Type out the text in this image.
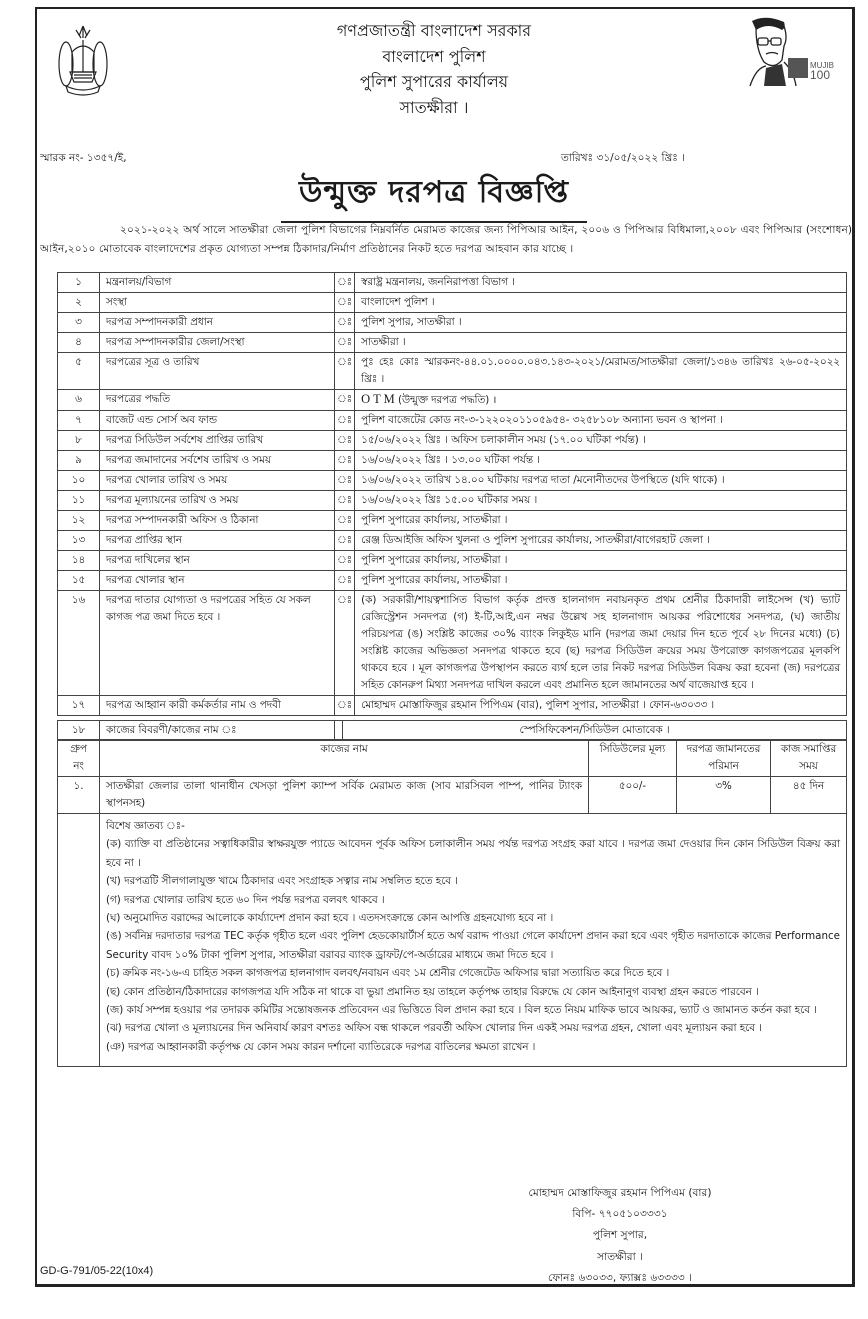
MUJIB
100
গণপ্রজাতন্ত্রী বাংলাদেশ সরকার
বাংলাদেশ পুলিশ
পুলিশ সুপারের কার্যালয়
সাতক্ষীরা ।
স্মারক নং- ১৩৫৭/ই,	তারিখঃ ৩১/০৫/২০২২ খ্রিঃ ।
উন্মুক্ত দরপত্র বিজ্ঞপ্তি
২০২১-২০২২ অর্থ সালে সাতক্ষীরা জেলা পুলিশ বিভাগের নিম্নবর্নিত মেরামত কাজের জন্য পিপিআর আইন, ২০০৬ ও পিপিআর বিধিমালা,২০০৮ এবং পিপিআর (সংশোধন) আইন,২০১০ মোতাবেক বাংলাদেশের প্রকৃত যোগ্যতা সম্পন্ন ঠিকাদার/নির্মাণ প্রতিষ্ঠানের নিকট হতে দরপত্র আহবান কার যাচ্ছে ।
১	মন্ত্রনালয়/বিভাগ	ঃ	স্বরাষ্ট্র মন্ত্রনালয়, জননিরাপত্তা বিভাগ ।
২	সংস্থা	ঃ	বাংলাদেশ পুলিশ ।
৩	দরপত্র সম্পাদনকারী প্রধান	ঃ	পুলিশ সুপার, সাতক্ষীরা ।
৪	দরপত্র সম্পাদনকারীর জেলা/সংস্থা	ঃ	সাতক্ষীরা ।
৫	দরপত্রের সূত্র ও তারিখ	ঃ	পুঃ হেঃ কোঃ স্মারকনং-৪৪.০১.০০০০.০৪৩.১৪৩-২০২১/মেরামত/সাতক্ষীরা জেলা/১৩৪৬ তারিখঃ ২৬-০৫-২০২২ খ্রিঃ ।
৬	দরপত্রের পদ্ধতি	ঃ	O T M (উন্মুক্ত দরপত্র পদ্ধতি) ।
৭	বাজেট এন্ড সোর্স অব ফান্ড	ঃ	পুলিশ বাজেটের কোড নং-৩-১২২০২০১১০৫৯৫৪- ৩২৫৮১০৮ অন্যান্য ভবন ও স্থাপনা ।
৮	দরপত্র সিডিউল সর্বশেষ প্রাপ্তির তারিখ	ঃ	১৫/০৬/২০২২ খ্রিঃ । অফিস চলাকালীন সময় (১৭.০০ ঘটিকা পর্যন্ত) ।
৯	দরপত্র জমাদানের সর্বশেষ তারিখ ও সময়	ঃ	১৬/০৬/২০২২ খ্রিঃ । ১৩.০০ ঘটিকা পর্যন্ত ।
১০	দরপত্র খোলার তারিখ ও সময়	ঃ	১৬/০৬/২০২২ তারিখ ১৪.০০ ঘটিকায় দরপত্র দাতা /মনোনীতদের উপস্থিতে (যদি থাকে) ।
১১	দরপত্র মূল্যায়নের তারিখ ও সময়	ঃ	১৬/০৬/২০২২ খ্রিঃ ১৫.০০ ঘটিকার সময় ।
১২	দরপত্র সম্পাদনকারী অফিস ও ঠিকানা	ঃ	পুলিশ সুপারের কার্যালয়, সাতক্ষীরা ।
১৩	দরপত্র প্রাপ্তির স্থান	ঃ	রেঞ্জ ডিআইজি অফিস খুলনা ও পুলিশ সুপারের কার্যালয়, সাতক্ষীরা/বাগেরহাট জেলা ।
১৪	দরপত্র দাখিলের স্থান	ঃ	পুলিশ সুপারের কার্যালয়, সাতক্ষীরা ।
১৫	দরপত্র খোলার স্থান	ঃ	পুলিশ সুপারের কার্যালয়, সাতক্ষীরা ।
১৬	দরপত্র দাতার যোগ্যতা ও দরপত্রের সহিত যে সকল কাগজ পত্র জমা দিতে হবে ।	ঃ	(ক) সরকারী/শায়ত্বশাসিত বিভাগ কর্তৃক প্রদত্ত হালনাগদ নবায়নকৃত প্রথম শ্রেনীর ঠিকাদারী লাইসেন্স (খ) ভ্যাট রেজিস্ট্রেশন সনদপত্র (গ) ই-টি,আই,এন নম্বর উল্লেখ সহ হালনাগাদ আয়কর পরিশোধের সনদপত্র, (ঘ) জাতীয় পরিচয়পত্র (ঙ) সংশ্লিষ্ট কাজের ৩০% ব্যাংক লিকুইড মানি (দরপত্র জমা দেয়ার দিন হতে পূর্বে ২৮ দিনের মধ্যে) (চ) সংশ্লিষ্ট কাজের অভিজ্ঞতা সনদপত্র থাকতে হবে (ছ) দরপত্র সিডিউল ক্রয়ের সময় উপরোক্ত কাগজপত্রের মূলকপি থাকবে হবে । মূল কাগজপত্র উপস্থাপন করতে ব্যর্থ হলে তার নিকট দরপত্র সিডিউল বিক্রয় করা হবেনা (জ) দরপত্রের সহিত কোনরুপ মিথ্যা সনদপত্র দাখিল করলে এবং প্রমানিত হলে জামানতের অর্থ বাজেয়াপ্ত হবে ।
১৭	দরপত্র আহ্বান কারী কর্মকর্তার নাম ও পদবী	ঃ	মোহাম্মদ মোস্তাফিজুর রহমান পিপিএম (বার), পুলিশ সুপার, সাতক্ষীরা । ফোন-৬৩০৩৩ ।
১৮	কাজের বিবরণী/কাজের নাম ঃ		স্পেসিফিকেশন/সিডিউল মোতাবেক ।
গ্রুপ নং	কাজের নাম	সিডিউলের মূল্য	দরপত্র জামানতের পরিমান	কাজ সমাপ্তির সময়
১.	সাতক্ষীরা জেলার তালা থানাধীন খেসড়া পুলিশ ক্যাম্প সর্বিক মেরামত কাজ (সাব মারসিবল পাম্প, পানির ট্যাংক স্থাপনসহ)	৫০০/-	৩%	৪৫ দিন

বিশেষ জ্ঞাতব্য ঃ-

(ক) ব্যাক্তি বা প্রতিষ্ঠানের সত্বাধিকারীর স্বাক্ষরযুক্ত প্যাডে আবেদন পূর্বক অফিস চলাকালীন সময় পর্যন্ত দরপত্র সংগ্রহ করা যাবে । দরপত্র জমা দেওয়ার দিন কোন সিডিউল বিক্রয় করা হবে না ।

(খ) দরপত্রটি সীলগালাযুক্ত খামে ঠিকাদার এবং সংগ্রাহক সত্বার নাম সম্বলিত হতে হবে ।

(গ) দরপত্র খোলার তারিখ হতে ৬০ দিন পর্যন্ত দরপত্র বলবৎ থাকবে ।

(ঘ) অনুমোদিত বরাদ্দের আলোকে কার্য্যাদেশ প্রদান করা হবে । এতদসংক্রান্তে কোন আপত্তি গ্রহনযোগ্য হবে না ।

(ঙ) সর্বনিম্ন দরদাতার দরপত্র TEC কর্তৃক গৃহীত হলে এবং পুলিশ হেডকোয়ার্টার্স হতে অর্থ বরাদ্দ পাওয়া গেলে কার্যাদেশ প্রদান করা হবে এবং গৃহীত দরদাতাকে কাজের Performance Security বাবদ ১০% টাকা পুলিশ সুপার, সাতক্ষীরা বরাবর ব্যাংক ড্রাফট/পে-অর্ডারের মাধ্যমে জমা দিতে হবে ।

(চ) ক্রমিক নং-১৬-এ চাহিত সকল কাগজপত্র হালনাগাদ বলবৎ/নবায়ন এবং ১ম শ্রেনীর গেজেটেড অফিসার দ্বারা সত্যায়িত করে দিতে হবে ।

(ছ) কোন প্রতিষ্ঠান/ঠিকাদারের কাগজপত্র যদি সঠিক না থাকে বা ভুয়া প্রমানিত হয় তাহলে কর্তৃপক্ষ তাহার বিরুদ্ধে যে কোন আইনানুগ ব্যবস্থা গ্রহন করতে পারবেন ।

(জ) কার্য সম্পন্ন হওয়ার পর তদারক কমিটির সন্তোষজনক প্রতিবেদন এর ভিত্তিতে বিল প্রদান করা হবে । বিল হতে নিয়ম মাফিক ভাবে আয়কর, ভ্যাট ও জামানত কর্তন করা হবে ।

(ঝ) দরপত্র খোলা ও মূল্যায়নের দিন অনিবার্য কারণ বশতঃ অফিস বন্ধ থাকলে পরবর্তী অফিস খোলার দিন একই সময় দরপত্র গ্রহন, খোলা এবং মূল্যায়ন করা হবে ।

(ঞ) দরপত্র আহ্বানকারী কর্তৃপক্ষ যে কোন সময় কারন দর্শানো ব্যাতিরেকে দরপত্র বাতিলের ক্ষমতা রাখেন ।

মোহাম্মদ মোস্তাফিজুর রহমান পিপিএম (বার)
বিপি- ৭৭০৫১০৩৩৩১
পুলিশ সুপার,
সাতক্ষীরা ।
ফোনঃ ৬৩০৩৩, ফ্যাক্সঃ ৬৩৩৩৩ ।
GD-G-791/05-22(10x4)
